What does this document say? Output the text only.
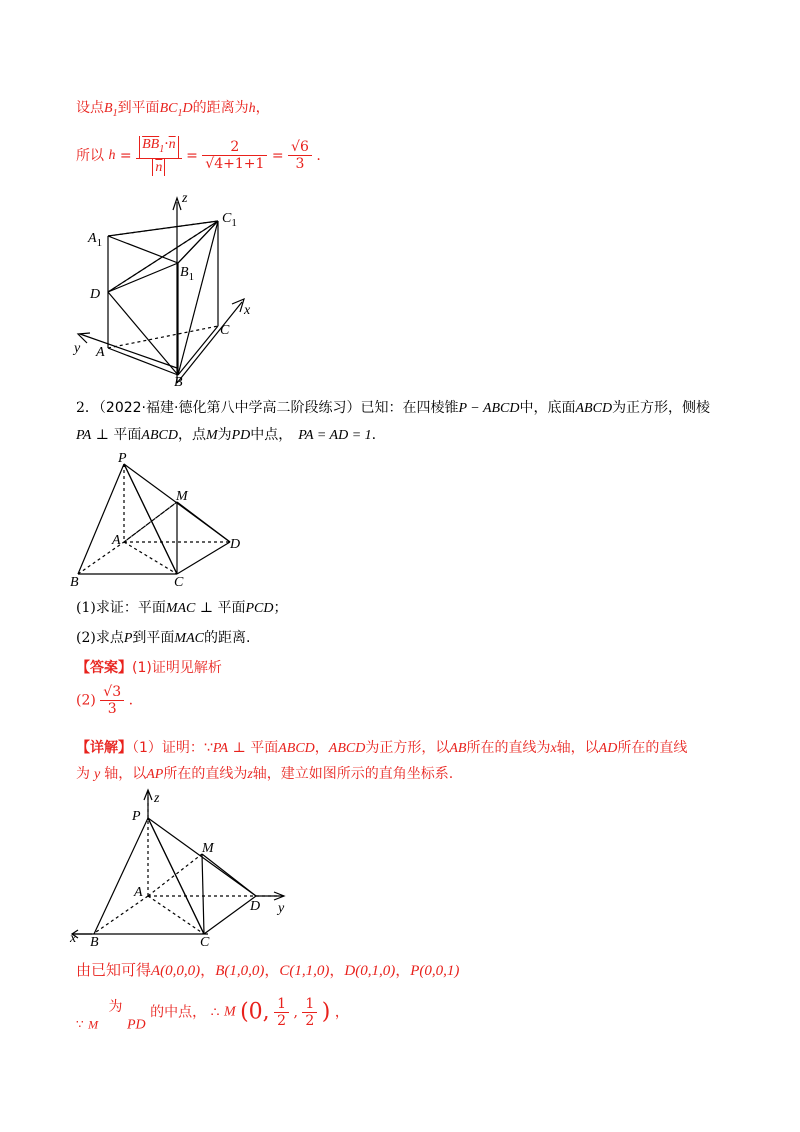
设点$B_1$到平面$BC_1D$的距离为h，
所以 $h = \frac{\overline{BB}_1\cdot\overline{n}}{n} = \frac{2}{√4+1+1} = \frac{√6}{3}$ .
z
x
y
$A_1$
$B_1$
$C_1$
D
A
B
C
2．（2022·福建·德化第八中学高二阶段练习）已知：在四棱锥P − ABCD中，底面ABCD为正方形，侧棱
PA ⊥ 平面ABCD，点M为PD中点， PA = AD = 1.
P
M
A	D
B	C
(1)求证：平面MAC ⊥ 平面PCD；
(2)求点P到平面MAC的距离.
【答案】(1)证明见解析
$(2) \frac{√3}{3}$ .
【详解】（1）证明：∵PA ⊥ 平面ABCD，ABCD为正方形，以AB所在的直线为x轴，以AD所在的直线
为 y 轴，以AP所在的直线为z轴，建立如图所示的直角坐标系.
z
P
M
A
D y
x B	C
由已知可得A(0,0,0)，B(1,0,0)，C(1,1,0)，D(0,1,0)，P(0,0,1)
∵ M 为 PD 的中点， ∴ M (0, $\frac{1}{2}$ , $\frac{1}{2}$ ) ，
